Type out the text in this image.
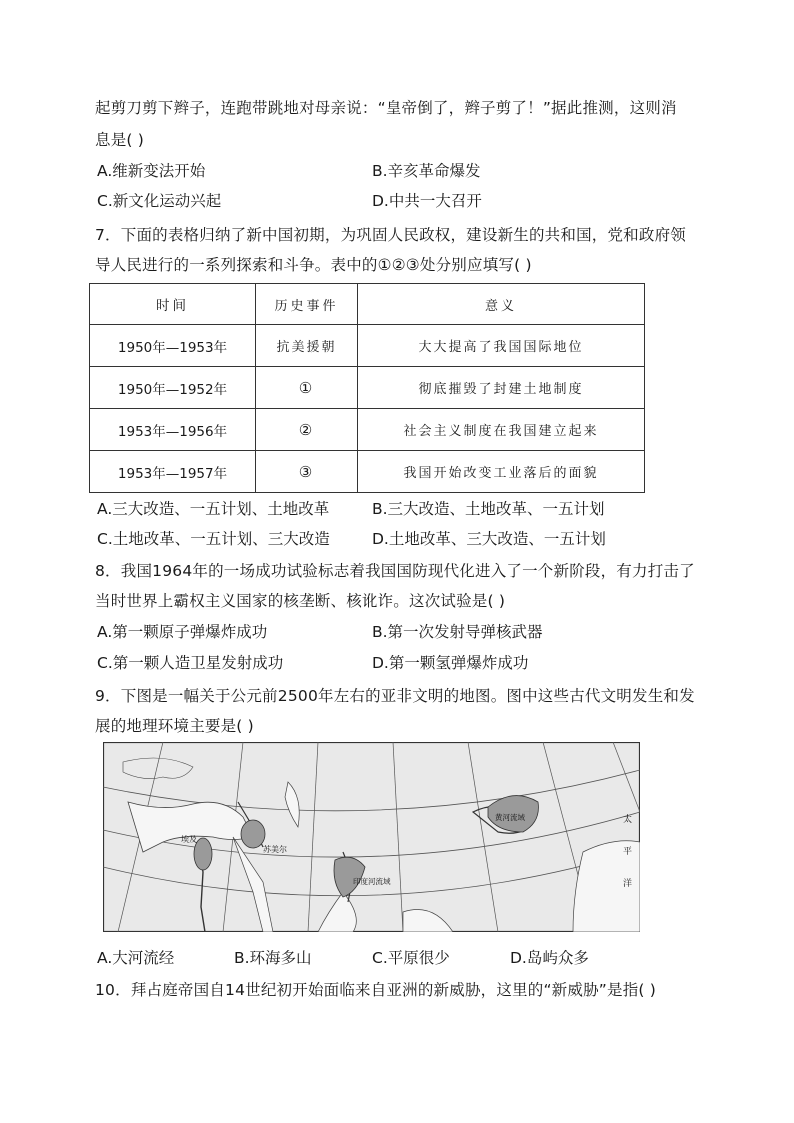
起剪刀剪下辫子，连跑带跳地对母亲说：“皇帝倒了，辫子剪了！”据此推测，这则消
息是( )
A.维新变法开始	B.辛亥革命爆发
C.新文化运动兴起	D.中共一大召开
7．下面的表格归纳了新中国初期，为巩固人民政权，建设新生的共和国，党和政府领
导人民进行的一系列探索和斗争。表中的①②③处分别应填写( )
时间	历史事件	意义
1950年—1953年	抗美援朝	大大提高了我国国际地位
1950年—1952年	①	彻底摧毁了封建土地制度
1953年—1956年	②	社会主义制度在我国建立起来
1953年—1957年	③	我国开始改变工业落后的面貌
A.三大改造、一五计划、土地改革	B.三大改造、土地改革、一五计划
C.土地改革、一五计划、三大改造	D.土地改革、三大改造、一五计划
8．我国1964年的一场成功试验标志着我国国防现代化进入了一个新阶段，有力打击了
当时世界上霸权主义国家的核垄断、核讹诈。这次试验是( )
A.第一颗原子弹爆炸成功	B.第一次发射导弹核武器
C.第一颗人造卫星发射成功	D.第一颗氢弹爆炸成功
9．下图是一幅关于公元前2500年左右的亚非文明的地图。图中这些古代文明发生和发
展的地理环境主要是( )
埃及
苏美尔
印度河流域
黄河流域	太
平
洋
A.大河流经	B.环海多山	C.平原很少	D.岛屿众多
10．拜占庭帝国自14世纪初开始面临来自亚洲的新威胁，这里的“新威胁”是指( )
